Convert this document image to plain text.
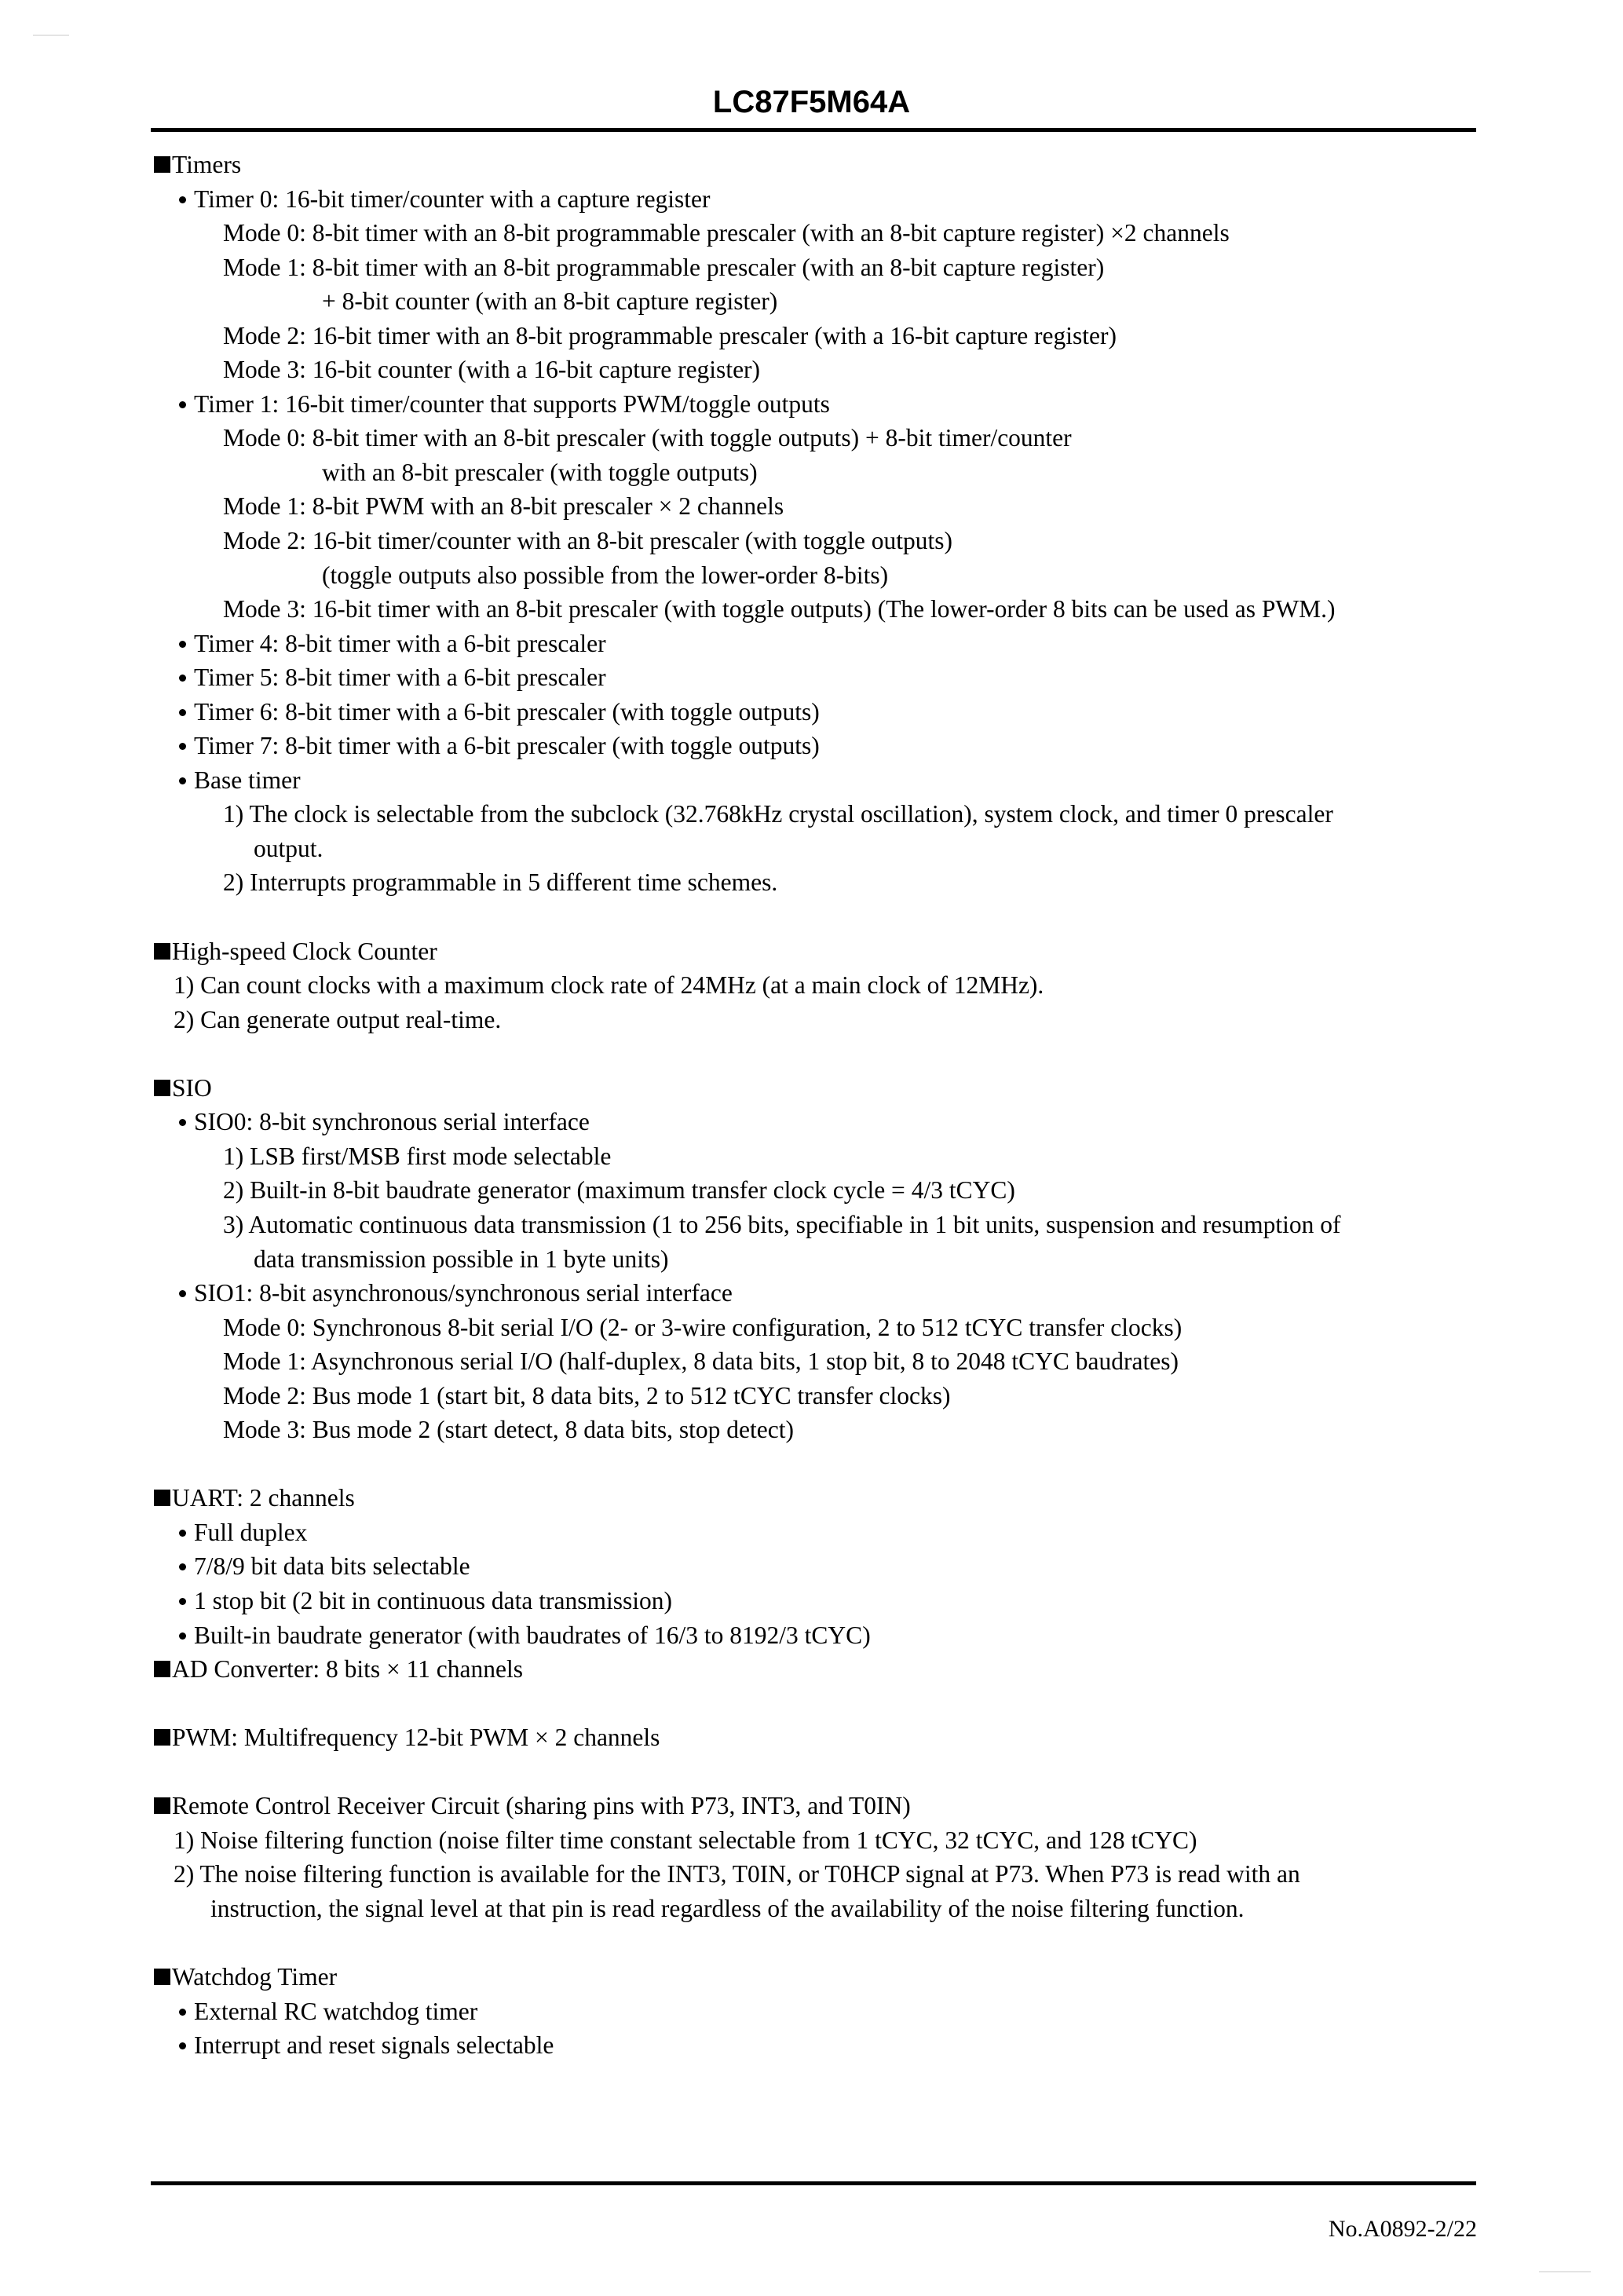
LC87F5M64A
Timers
Timer 0: 16-bit timer/counter with a capture register
Mode 0: 8-bit timer with an 8-bit programmable prescaler (with an 8-bit capture register) ×2 channels
Mode 1: 8-bit timer with an 8-bit programmable prescaler (with an 8-bit capture register)
+ 8-bit counter (with an 8-bit capture register)
Mode 2: 16-bit timer with an 8-bit programmable prescaler (with a 16-bit capture register)
Mode 3: 16-bit counter (with a 16-bit capture register)
Timer 1: 16-bit timer/counter that supports PWM/toggle outputs
Mode 0: 8-bit timer with an 8-bit prescaler (with toggle outputs) + 8-bit timer/counter
with an 8-bit prescaler (with toggle outputs)
Mode 1: 8-bit PWM with an 8-bit prescaler × 2 channels
Mode 2: 16-bit timer/counter with an 8-bit prescaler (with toggle outputs)
(toggle outputs also possible from the lower-order 8-bits)
Mode 3: 16-bit timer with an 8-bit prescaler (with toggle outputs) (The lower-order 8 bits can be used as PWM.)
Timer 4: 8-bit timer with a 6-bit prescaler
Timer 5: 8-bit timer with a 6-bit prescaler
Timer 6: 8-bit timer with a 6-bit prescaler (with toggle outputs)
Timer 7: 8-bit timer with a 6-bit prescaler (with toggle outputs)
Base timer
1) The clock is selectable from the subclock (32.768kHz crystal oscillation), system clock, and timer 0 prescaler
output.
2) Interrupts programmable in 5 different time schemes.
High-speed Clock Counter
1) Can count clocks with a maximum clock rate of 24MHz (at a main clock of 12MHz).
2) Can generate output real-time.
SIO
SIO0: 8-bit synchronous serial interface
1) LSB first/MSB first mode selectable
2) Built-in 8-bit baudrate generator (maximum transfer clock cycle = 4/3 tCYC)
3) Automatic continuous data transmission (1 to 256 bits, specifiable in 1 bit units, suspension and resumption of
data transmission possible in 1 byte units)
SIO1: 8-bit asynchronous/synchronous serial interface
Mode 0: Synchronous 8-bit serial I/O (2- or 3-wire configuration, 2 to 512 tCYC transfer clocks)
Mode 1: Asynchronous serial I/O (half-duplex, 8 data bits, 1 stop bit, 8 to 2048 tCYC baudrates)
Mode 2: Bus mode 1 (start bit, 8 data bits, 2 to 512 tCYC transfer clocks)
Mode 3: Bus mode 2 (start detect, 8 data bits, stop detect)
UART: 2 channels
Full duplex
7/8/9 bit data bits selectable
1 stop bit (2 bit in continuous data transmission)
Built-in baudrate generator (with baudrates of 16/3 to 8192/3 tCYC)
AD Converter: 8 bits × 11 channels
PWM: Multifrequency 12-bit PWM × 2 channels
Remote Control Receiver Circuit (sharing pins with P73, INT3, and T0IN)
1) Noise filtering function (noise filter time constant selectable from 1 tCYC, 32 tCYC, and 128 tCYC)
2) The noise filtering function is available for the INT3, T0IN, or T0HCP signal at P73. When P73 is read with an
instruction, the signal level at that pin is read regardless of the availability of the noise filtering function.
Watchdog Timer
External RC watchdog timer
Interrupt and reset signals selectable
No.A0892-2/22
